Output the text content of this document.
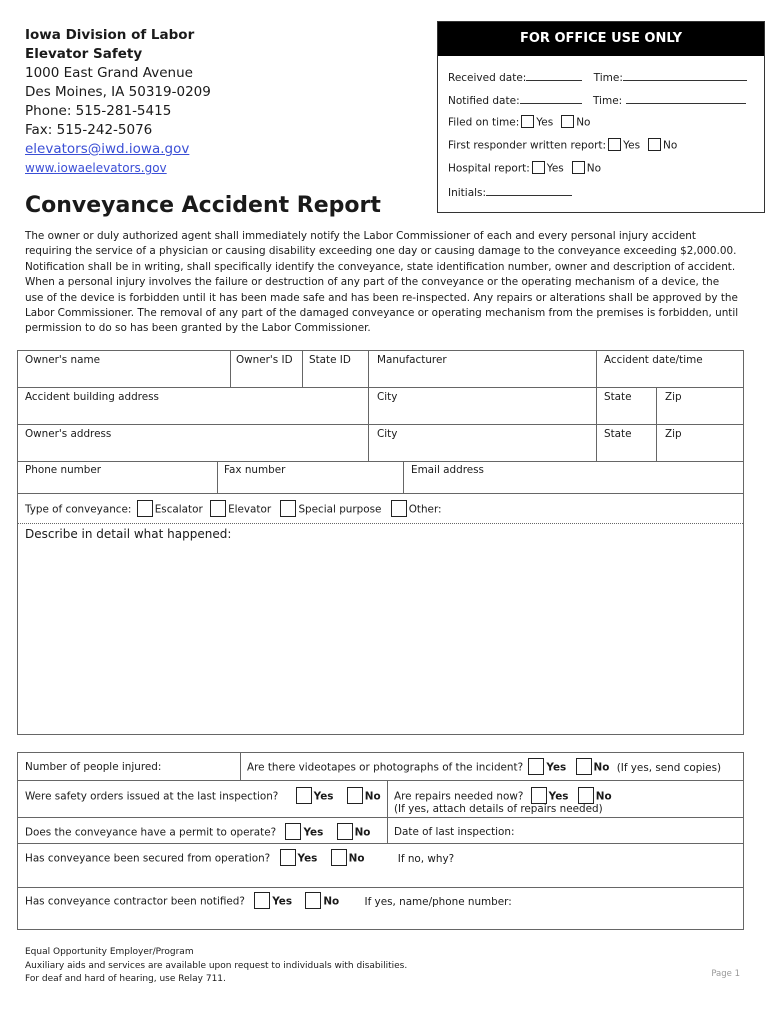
Iowa Division of Labor
Elevator Safety
1000 East Grand Avenue
Des Moines, IA 50319-0209
Phone: 515-281-5415
Fax: 515-242-5076
elevators@iwd.iowa.gov
www.iowaelevators.gov
FOR OFFICE USE ONLY
Received date:	Time:
Notified date:	Time:
Filed on time: Yes No
First responder written report: Yes No
Hospital report: Yes No
Initials:
Conveyance Accident Report
The owner or duly authorized agent shall immediately notify the Labor Commissioner of each and every personal injury accident requiring the service of a physician or causing disability exceeding one day or causing damage to the conveyance exceeding $2,000.00. Notification shall be in writing, shall specifically identify the conveyance, state identification number, owner and description of accident. When a personal injury involves the failure or destruction of any part of the conveyance or the operating mechanism of a device, the use of the device is forbidden until it has been made safe and has been re-inspected. Any repairs or alterations shall be approved by the Labor Commissioner. The removal of any part of the damaged conveyance or operating mechanism from the premises is forbidden, until permission to do so has been granted by the Labor Commissioner.
Owner's name	Owner's ID State ID	Manufacturer	Accident date/time
Accident building address	City	State	Zip
Owner's address	City	State	Zip
Phone number	Fax number	Email address
Type of conveyance: Escalator Elevator	Special purpose	Other:
Describe in detail what happened:
Number of people injured:	Are there videotapes or photographs of the incident? Yes	No (If yes, send copies)
Were safety orders issued at the last inspection?	Yes	No Are repairs needed now? Yes	No
(If yes, attach details of repairs needed)
Does the conveyance have a permit to operate?	Yes	No Date of last inspection:
Has conveyance been secured from operation?	Yes	No	If no, why?
Has conveyance contractor been notified?	Yes	No If yes, name/phone number:
Equal Opportunity Employer/Program
Auxiliary aids and services are available upon request to individuals with disabilities.
For deaf and hard of hearing, use Relay 711.	Page 1
